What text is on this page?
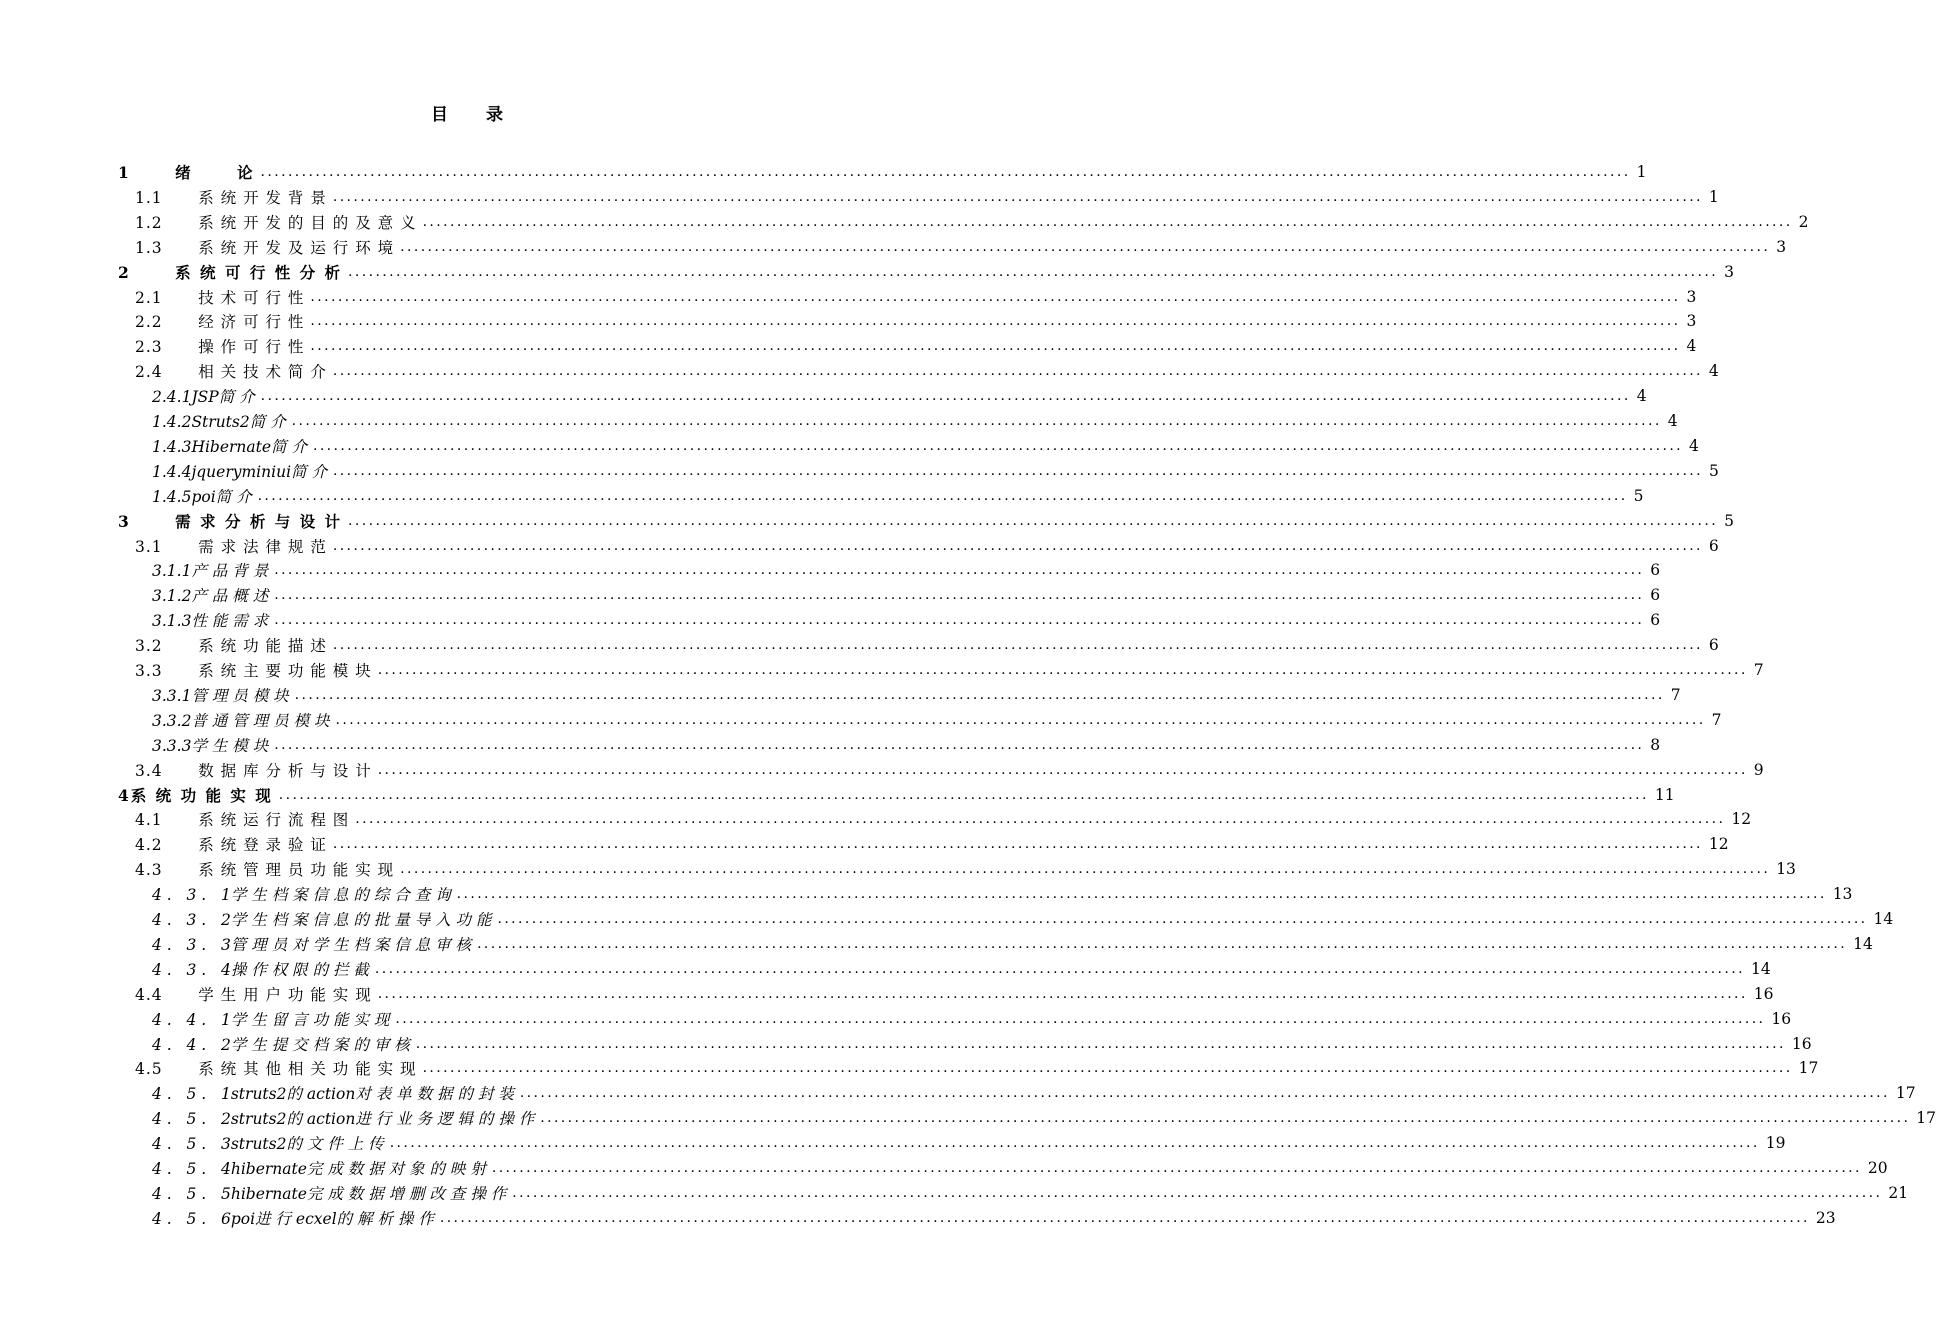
目 录
1      绪      论 ........................................................................................................................................................................................................ 1
1.1      系 统 开 发 背 景 ........................................................................................................................................................................................................ 1
1.2      系 统 开 发 的 目 的 及 意 义 ........................................................................................................................................................................................................ 2
1.3      系 统 开 发 及 运 行 环 境 ........................................................................................................................................................................................................ 3
2      系 统 可 行 性 分 析 ........................................................................................................................................................................................................ 3
2.1      技 术 可 行 性 ........................................................................................................................................................................................................ 3
2.2      经 济 可 行 性 ........................................................................................................................................................................................................ 3
2.3      操 作 可 行 性 ........................................................................................................................................................................................................ 4
2.4      相 关 技 术 简 介 ........................................................................................................................................................................................................ 4
2.4.1JSP简 介 ........................................................................................................................................................................................................ 4
1.4.2Struts2简 介 ........................................................................................................................................................................................................ 4
1.4.3Hibernate简 介 ........................................................................................................................................................................................................ 4
1.4.4jqueryminiui简 介 ........................................................................................................................................................................................................ 5
1.4.5poi简 介 ........................................................................................................................................................................................................ 5
3      需 求 分 析 与 设 计 ........................................................................................................................................................................................................ 5
3.1      需 求 法 律 规 范 ........................................................................................................................................................................................................ 6
3.1.1产 品 背 景 ........................................................................................................................................................................................................ 6
3.1.2产 品 概 述 ........................................................................................................................................................................................................ 6
3.1.3性 能 需 求 ........................................................................................................................................................................................................ 6
3.2      系 统 功 能 描 述 ........................................................................................................................................................................................................ 6
3.3      系 统 主 要 功 能 模 块 ........................................................................................................................................................................................................ 7
3.3.1管 理 员 模 块 ........................................................................................................................................................................................................ 7
3.3.2普 通 管 理 员 模 块 ........................................................................................................................................................................................................ 7
3.3.3学 生 模 块 ........................................................................................................................................................................................................ 8
3.4      数 据 库 分 析 与 设 计 ........................................................................................................................................................................................................ 9
4系 统 功 能 实 现 ........................................................................................................................................................................................................ 11
4.1      系 统 运 行 流 程 图 ........................................................................................................................................................................................................ 12
4.2      系 统 登 录 验 证 ........................................................................................................................................................................................................ 12
4.3      系 统 管 理 员 功 能 实 现 ........................................................................................................................................................................................................ 13
4 .   3 .   1学 生 档 案 信 息 的 综 合 查 询 ........................................................................................................................................................................................................ 13
4 .   3 .   2学 生 档 案 信 息 的 批 量 导 入 功 能 ........................................................................................................................................................................................................ 14
4 .   3 .   3管 理 员 对 学 生 档 案 信 息 审 核 ........................................................................................................................................................................................................ 14
4 .   3 .   4操 作 权 限 的 拦 截 ........................................................................................................................................................................................................ 14
4.4      学 生 用 户 功 能 实 现 ........................................................................................................................................................................................................ 16
4 .   4 .   1学 生 留 言 功 能 实 现 ........................................................................................................................................................................................................ 16
4 .   4 .   2学 生 提 交 档 案 的 审 核 ........................................................................................................................................................................................................ 16
4.5      系 统 其 他 相 关 功 能 实 现 ........................................................................................................................................................................................................ 17
4 .   5 .   1struts2的 action对 表 单 数 据 的 封 装 ........................................................................................................................................................................................................ 17
4 .   5 .   2struts2的 action进 行 业 务 逻 辑 的 操 作 ........................................................................................................................................................................................................ 17
4 .   5 .   3struts2的 文 件 上 传 ........................................................................................................................................................................................................ 19
4 .   5 .   4hibernate完 成 数 据 对 象 的 映 射 ........................................................................................................................................................................................................ 20
4 .   5 .   5hibernate完 成 数 据 增 删 改 查 操 作 ........................................................................................................................................................................................................ 21
4 .   5 .   6poi进 行 ecxel的 解 析 操 作 ........................................................................................................................................................................................................ 23
